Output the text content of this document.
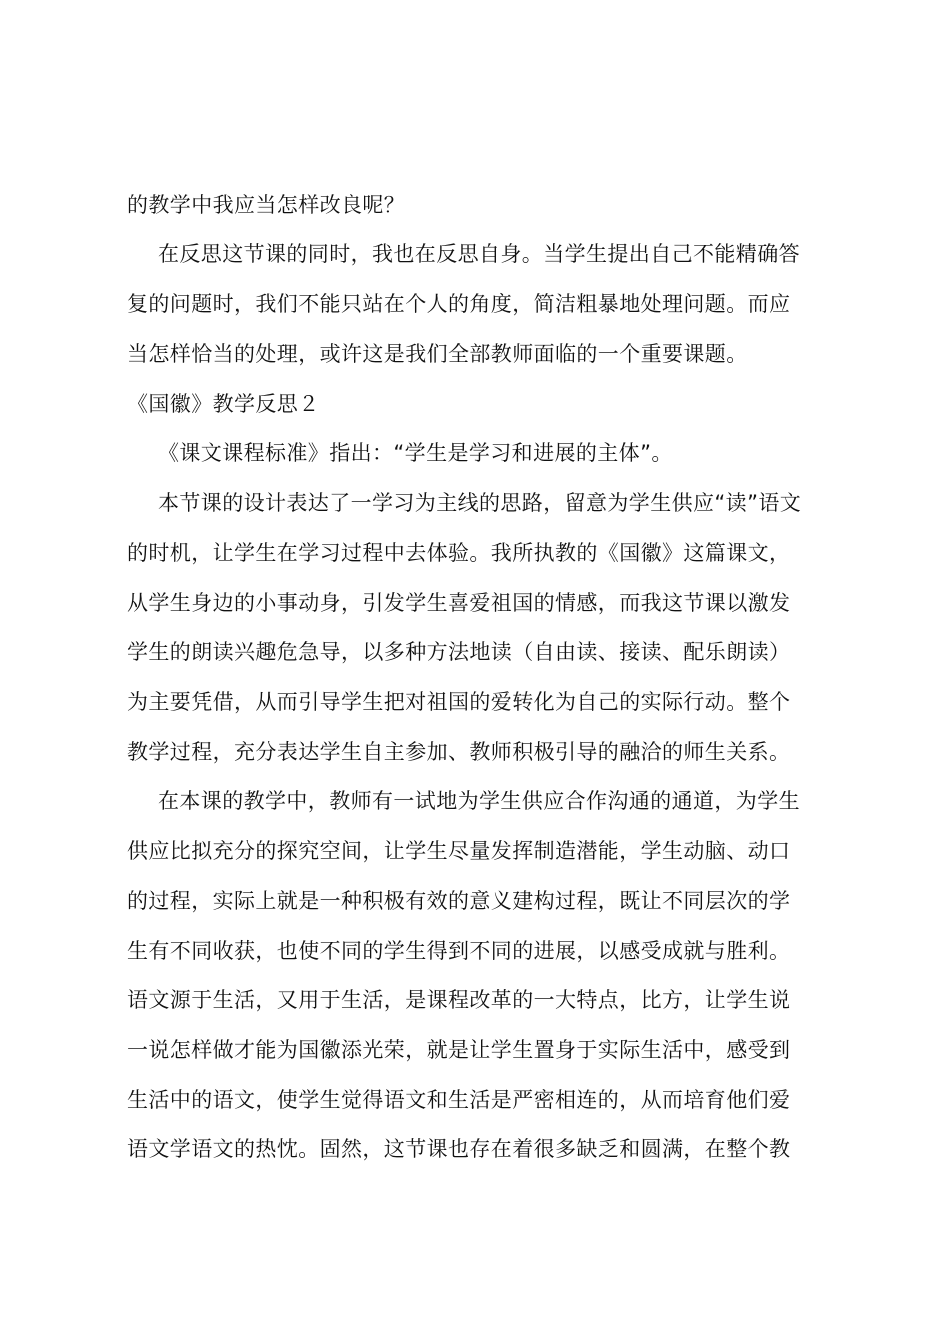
的教学中我应当怎样改良呢？
在反思这节课的同时，我也在反思自身。当学生提出自己不能精确答
复的问题时，我们不能只站在个人的角度，简洁粗暴地处理问题。而应
当怎样恰当的处理，或许这是我们全部教师面临的一个重要课题。
《国徽》教学反思２
《课文课程标准》指出：“学生是学习和进展的主体”。
本节课的设计表达了一学习为主线的思路，留意为学生供应“读”语文
的时机，让学生在学习过程中去体验。我所执教的《国徽》这篇课文，
从学生身边的小事动身，引发学生喜爱祖国的情感，而我这节课以激发
学生的朗读兴趣危急导，以多种方法地读（自由读、接读、配乐朗读）
为主要凭借，从而引导学生把对祖国的爱转化为自己的实际行动。整个
教学过程，充分表达学生自主参加、教师积极引导的融洽的师生关系。
在本课的教学中，教师有一试地为学生供应合作沟通的通道，为学生
供应比拟充分的探究空间，让学生尽量发挥制造潜能，学生动脑、动口
的过程，实际上就是一种积极有效的意义建构过程，既让不同层次的学
生有不同收获，也使不同的学生得到不同的进展，以感受成就与胜利。
语文源于生活，又用于生活，是课程改革的一大特点，比方，让学生说
一说怎样做才能为国徽添光荣，就是让学生置身于实际生活中，感受到
生活中的语文，使学生觉得语文和生活是严密相连的，从而培育他们爱
语文学语文的热忱。固然，这节课也存在着很多缺乏和圆满，在整个教
